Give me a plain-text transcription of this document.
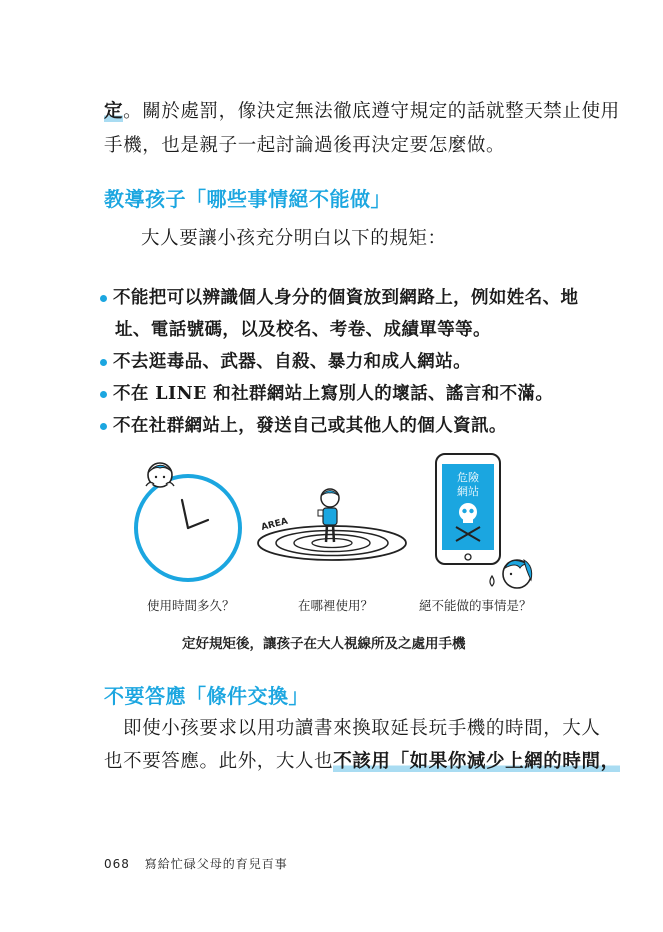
定。關於處罰，像決定無法徹底遵守規定的話就整天禁止使用
手機，也是親子一起討論過後再決定要怎麼做。
教導孩子「哪些事情絕不能做」
大人要讓小孩充分明白以下的規矩：
不能把可以辨識個人身分的個資放到網路上，例如姓名、地
址、電話號碼，以及校名、考卷、成績單等等。
不去逛毒品、武器、自殺、暴力和成人網站。
不在 LINE 和社群網站上寫別人的壞話、謠言和不滿。
不在社群網站上，發送自己或其他人的個人資訊。
AREA
危險
網站
使用時間多久？	在哪裡使用？	絕不能做的事情是？
定好規矩後，讓孩子在大人視線所及之處用手機
不要答應「條件交換」
即使小孩要求以用功讀書來換取延長玩手機的時間，大人
也不要答應。此外，大人也不該用「如果你減少上網的時間，
068 寫給忙碌父母的育兒百事
